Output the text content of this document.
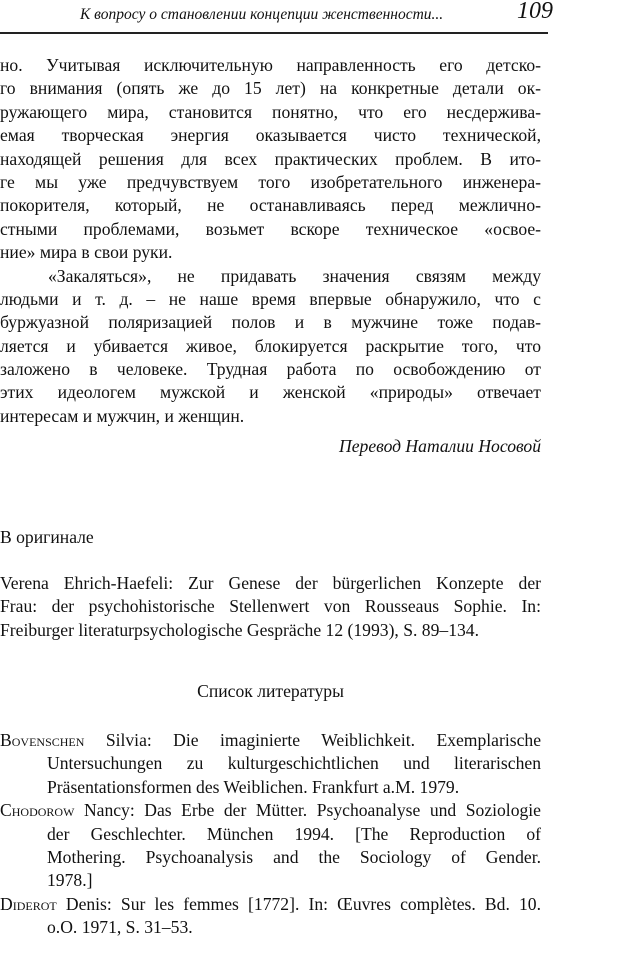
К вопросу о становлении концепции женственности...	109
но. Учитывая исключительную направленность его детско-
го внимания (опять же до 15 лет) на конкретные детали ок-
ружающего мира, становится понятно, что его несдержива-
емая творческая энергия оказывается чисто технической,
находящей решения для всех практических проблем. В ито-
ге мы уже предчувствуем того изобретательного инженера-
покорителя, который, не останавливаясь перед межлично-
стными проблемами, возьмет вскоре техническое «освое-
ние» мира в свои руки.
«Закаляться», не придавать значения связям между
людьми и т. д. – не наше время впервые обнаружило, что с
буржуазной поляризацией полов и в мужчине тоже подав-
ляется и убивается живое, блокируется раскрытие того, что
заложено в человеке. Трудная работа по освобождению от
этих идеологем мужской и женской «природы» отвечает
интересам и мужчин, и женщин.
Перевод Наталии Носовой
В оригинале
Verena Ehrich-Haefeli: Zur Genese der bürgerlichen Konzepte der
Frau: der psychohistorische Stellenwert von Rousseaus Sophie. In:
Freiburger literaturpsychologische Gespräche 12 (1993), S. 89–134.
Список литературы
Bovenschen Silvia: Die imaginierte Weiblichkeit. Exemplarische
Untersuchungen zu kulturgeschichtlichen und literarischen
Präsentationsformen des Weiblichen. Frankfurt a.M. 1979.
Chodorow Nancy: Das Erbe der Mütter. Psychoanalyse und Soziologie
der Geschlechter. München 1994. [The Reproduction of
Mothering. Psychoanalysis and the Sociology of Gender.
1978.]
Diderot Denis: Sur les femmes [1772]. In: Œuvres complètes. Bd. 10.
o.O. 1971, S. 31–53.
